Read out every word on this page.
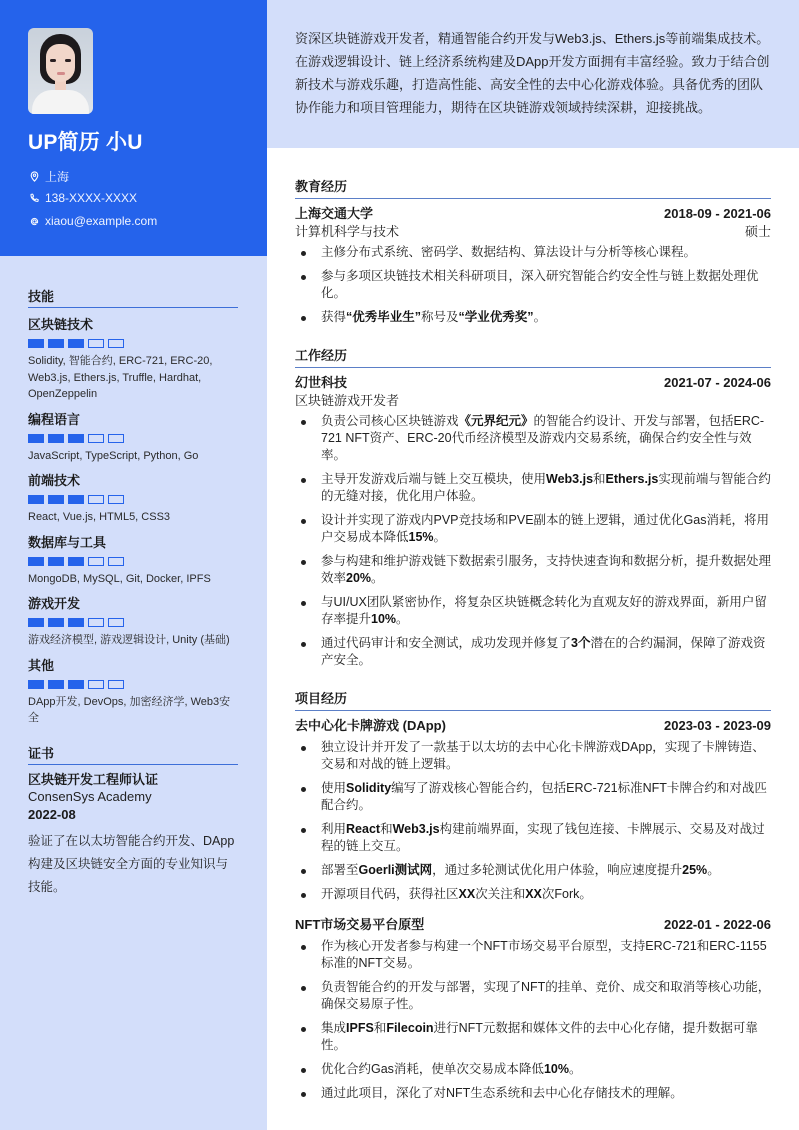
UP简历 小U
上海
138-XXXX-XXXX
xiaou@example.com
技能
区块链技术
Solidity, 智能合约, ERC-721, ERC-20, Web3.js, Ethers.js, Truffle, Hardhat, OpenZeppelin
编程语言
JavaScript, TypeScript, Python, Go
前端技术
React, Vue.js, HTML5, CSS3
数据库与工具
MongoDB, MySQL, Git, Docker, IPFS
游戏开发
游戏经济模型, 游戏逻辑设计, Unity (基础)
其他
DApp开发, DevOps, 加密经济学, Web3安全
证书
区块链开发工程师认证
ConsenSys Academy
2022-08
验证了在以太坊智能合约开发、DApp构建及区块链安全方面的专业知识与技能。
资深区块链游戏开发者，精通智能合约开发与Web3.js、Ethers.js等前端集成技术。在游戏逻辑设计、链上经济系统构建及DApp开发方面拥有丰富经验。致力于结合创新技术与游戏乐趣，打造高性能、高安全性的去中心化游戏体验。具备优秀的团队协作能力和项目管理能力，期待在区块链游戏领域持续深耕，迎接挑战。
教育经历
上海交通大学	2018-09 - 2021-06
计算机科学与技术	硕士
主修分布式系统、密码学、数据结构、算法设计与分析等核心课程。
参与多项区块链技术相关科研项目，深入研究智能合约安全性与链上数据处理优化。
获得“优秀毕业生”称号及“学业优秀奖”。
工作经历
幻世科技	2021-07 - 2024-06
区块链游戏开发者
负责公司核心区块链游戏《元界纪元》的智能合约设计、开发与部署，包括ERC-721 NFT资产、ERC-20代币经济模型及游戏内交易系统，确保合约安全性与效率。
主导开发游戏后端与链上交互模块，使用Web3.js和Ethers.js实现前端与智能合约的无缝对接，优化用户体验。
设计并实现了游戏内PVP竞技场和PVE副本的链上逻辑，通过优化Gas消耗，将用户交易成本降低15%。
参与构建和维护游戏链下数据索引服务，支持快速查询和数据分析，提升数据处理效率20%。
与UI/UX团队紧密协作，将复杂区块链概念转化为直观友好的游戏界面，新用户留存率提升10%。
通过代码审计和安全测试，成功发现并修复了3个潜在的合约漏洞，保障了游戏资产安全。
项目经历
去中心化卡牌游戏 (DApp)	2023-03 - 2023-09
独立设计并开发了一款基于以太坊的去中心化卡牌游戏DApp，实现了卡牌铸造、交易和对战的链上逻辑。
使用Solidity编写了游戏核心智能合约，包括ERC-721标准NFT卡牌合约和对战匹配合约。
利用React和Web3.js构建前端界面，实现了钱包连接、卡牌展示、交易及对战过程的链上交互。
部署至Goerli测试网，通过多轮测试优化用户体验，响应速度提升25%。
开源项目代码，获得社区XX次关注和XX次Fork。
NFT市场交易平台原型	2022-01 - 2022-06
作为核心开发者参与构建一个NFT市场交易平台原型，支持ERC-721和ERC-1155标准的NFT交易。
负责智能合约的开发与部署，实现了NFT的挂单、竞价、成交和取消等核心功能，确保交易原子性。
集成IPFS和Filecoin进行NFT元数据和媒体文件的去中心化存储，提升数据可靠性。
优化合约Gas消耗，使单次交易成本降低10%。
通过此项目，深化了对NFT生态系统和去中心化存储技术的理解。
